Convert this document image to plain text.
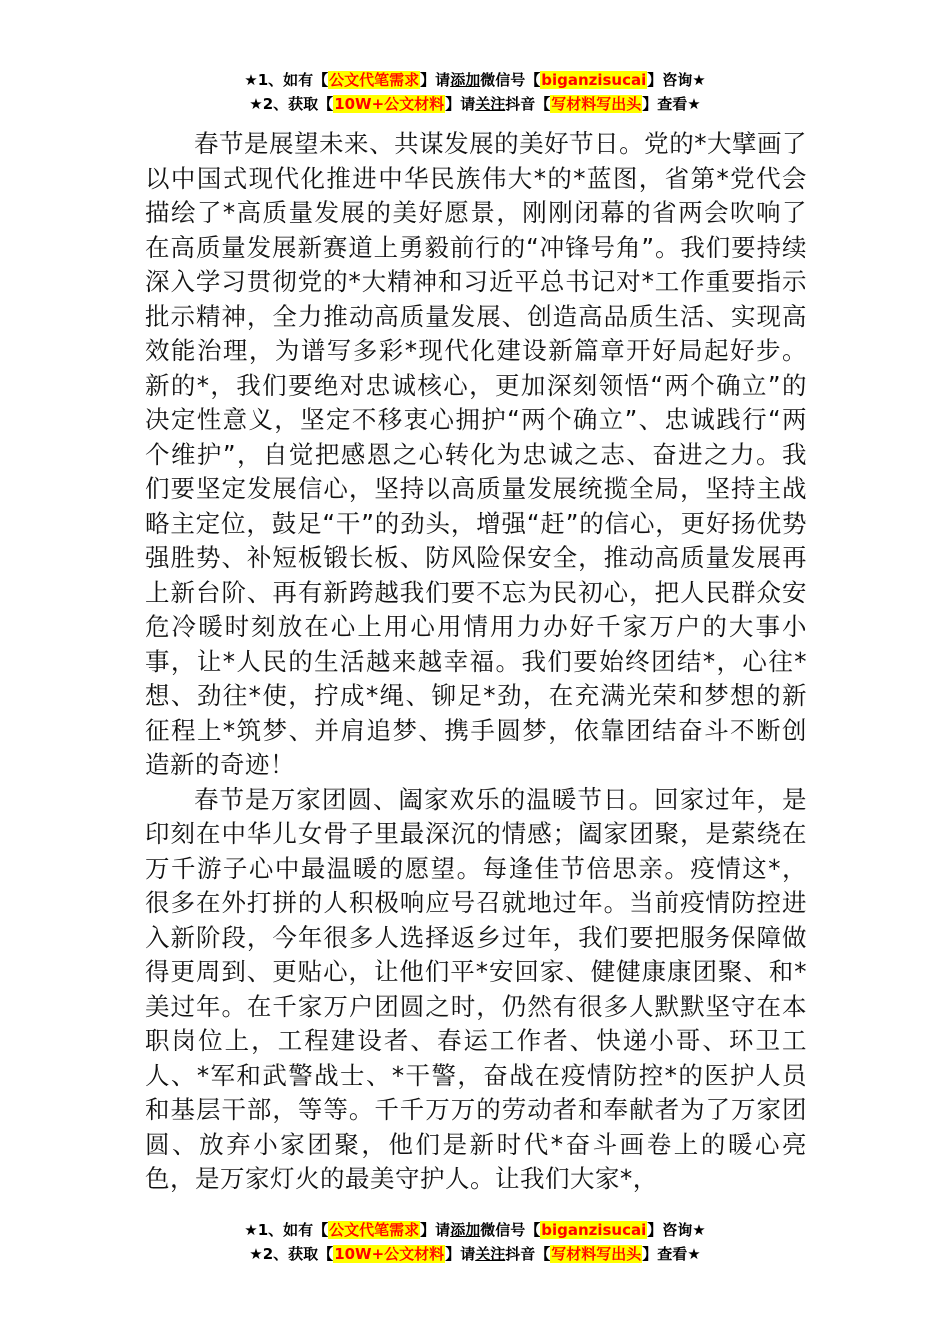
★1、如有【公文代笔需求】请添加微信号【biganzisucai】咨询★
★2、获取【10W+公文材料】请关注抖音【写材料写出头】查看★

春节是展望未来、共谋发展的美好节日。党的*大擘画了以中国式现代化推进中华民族伟大*的*蓝图，省第*党代会描绘了*高质量发展的美好愿景，刚刚闭幕的省两会吹响了在高质量发展新赛道上勇毅前行的“冲锋号角”。我们要持续深入学习贯彻党的*大精神和习近平总书记对*工作重要指示批示精神，全力推动高质量发展、创造高品质生活、实现高效能治理，为谱写多彩*现代化建设新篇章开好局起好步。新的*，我们要绝对忠诚核心，更加深刻领悟“两个确立”的决定性意义，坚定不移衷心拥护“两个确立”、忠诚践行“两个维护”，自觉把感恩之心转化为忠诚之志、奋进之力。我们要坚定发展信心，坚持以高质量发展统揽全局，坚持主战略主定位，鼓足“干”的劲头，增强“赶”的信心，更好扬优势强胜势、补短板锻长板、防风险保安全，推动高质量发展再上新台阶、再有新跨越我们要不忘为民初心，把人民群众安危冷暖时刻放在心上用心用情用力办好千家万户的大事小事，让*人民的生活越来越幸福。我们要始终团结*，心往*想、劲往*使，拧成*绳、铆足*劲，在充满光荣和梦想的新征程上*筑梦、并肩追梦、携手圆梦，依靠团结奋斗不断创造新的奇迹！

春节是万家团圆、阖家欢乐的温暖节日。回家过年，是印刻在中华儿女骨子里最深沉的情感；阖家团聚，是萦绕在万千游子心中最温暖的愿望。每逢佳节倍思亲。疫情这*，很多在外打拼的人积极响应号召就地过年。当前疫情防控进入新阶段，今年很多人选择返乡过年，我们要把服务保障做得更周到、更贴心，让他们平*安回家、健健康康团聚、和*美过年。在千家万户团圆之时，仍然有很多人默默坚守在本职岗位上，工程建设者、春运工作者、快递小哥、环卫工人、*军和武警战士、*干警，奋战在疫情防控*的医护人员和基层干部，等等。千千万万的劳动者和奉献者为了万家团圆、放弃小家团聚，他们是新时代*奋斗画卷上的暖心亮色，是万家灯火的最美守护人。让我们大家*，

★1、如有【公文代笔需求】请添加微信号【biganzisucai】咨询★
★2、获取【10W+公文材料】请关注抖音【写材料写出头】查看★
